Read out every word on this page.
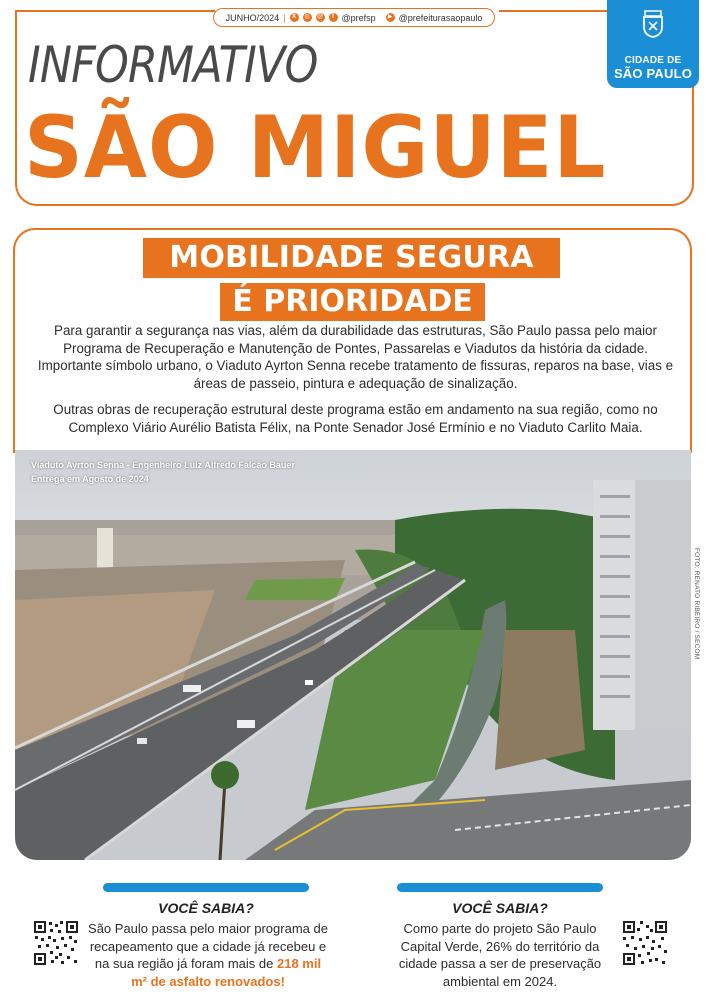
JUNHO/2024 |	X	◎	@	f @prefsp	▶ @prefeiturasaopaulo
INFORMATIVO
SÃO MIGUEL
CIDADE DE
SÃO PAULO
MOBILIDADE SEGURA
É PRIORIDADE
Para garantir a segurança nas vias, além da durabilidade das estruturas, São Paulo passa pelo maior Programa de Recuperação e Manutenção de Pontes, Passarelas e Viadutos da história da cidade. Importante símbolo urbano, o Viaduto Ayrton Senna recebe tratamento de fissuras, reparos na base, vias e áreas de passeio, pintura e adequação de sinalização.
Outras obras de recuperação estrutural deste programa estão em andamento na sua região, como no Complexo Viário Aurélio Batista Félix, na Ponte Senador José Ermínio e no Viaduto Carlito Maia.
Viaduto Ayrton Senna - Engenheiro Luiz Alfredo Falcão Bauer
Entrega em Agosto de 2024
FOTO: RENATO RIBEIRO / SECOM
VOCÊ SABIA?
São Paulo passa pelo maior programa de recapeamento que a cidade já recebeu e na sua região já foram mais de 218 mil m² de asfalto renovados!
VOCÊ SABIA?
Como parte do projeto São Paulo Capital Verde, 26% do território da cidade passa a ser de preservação ambiental em 2024.
